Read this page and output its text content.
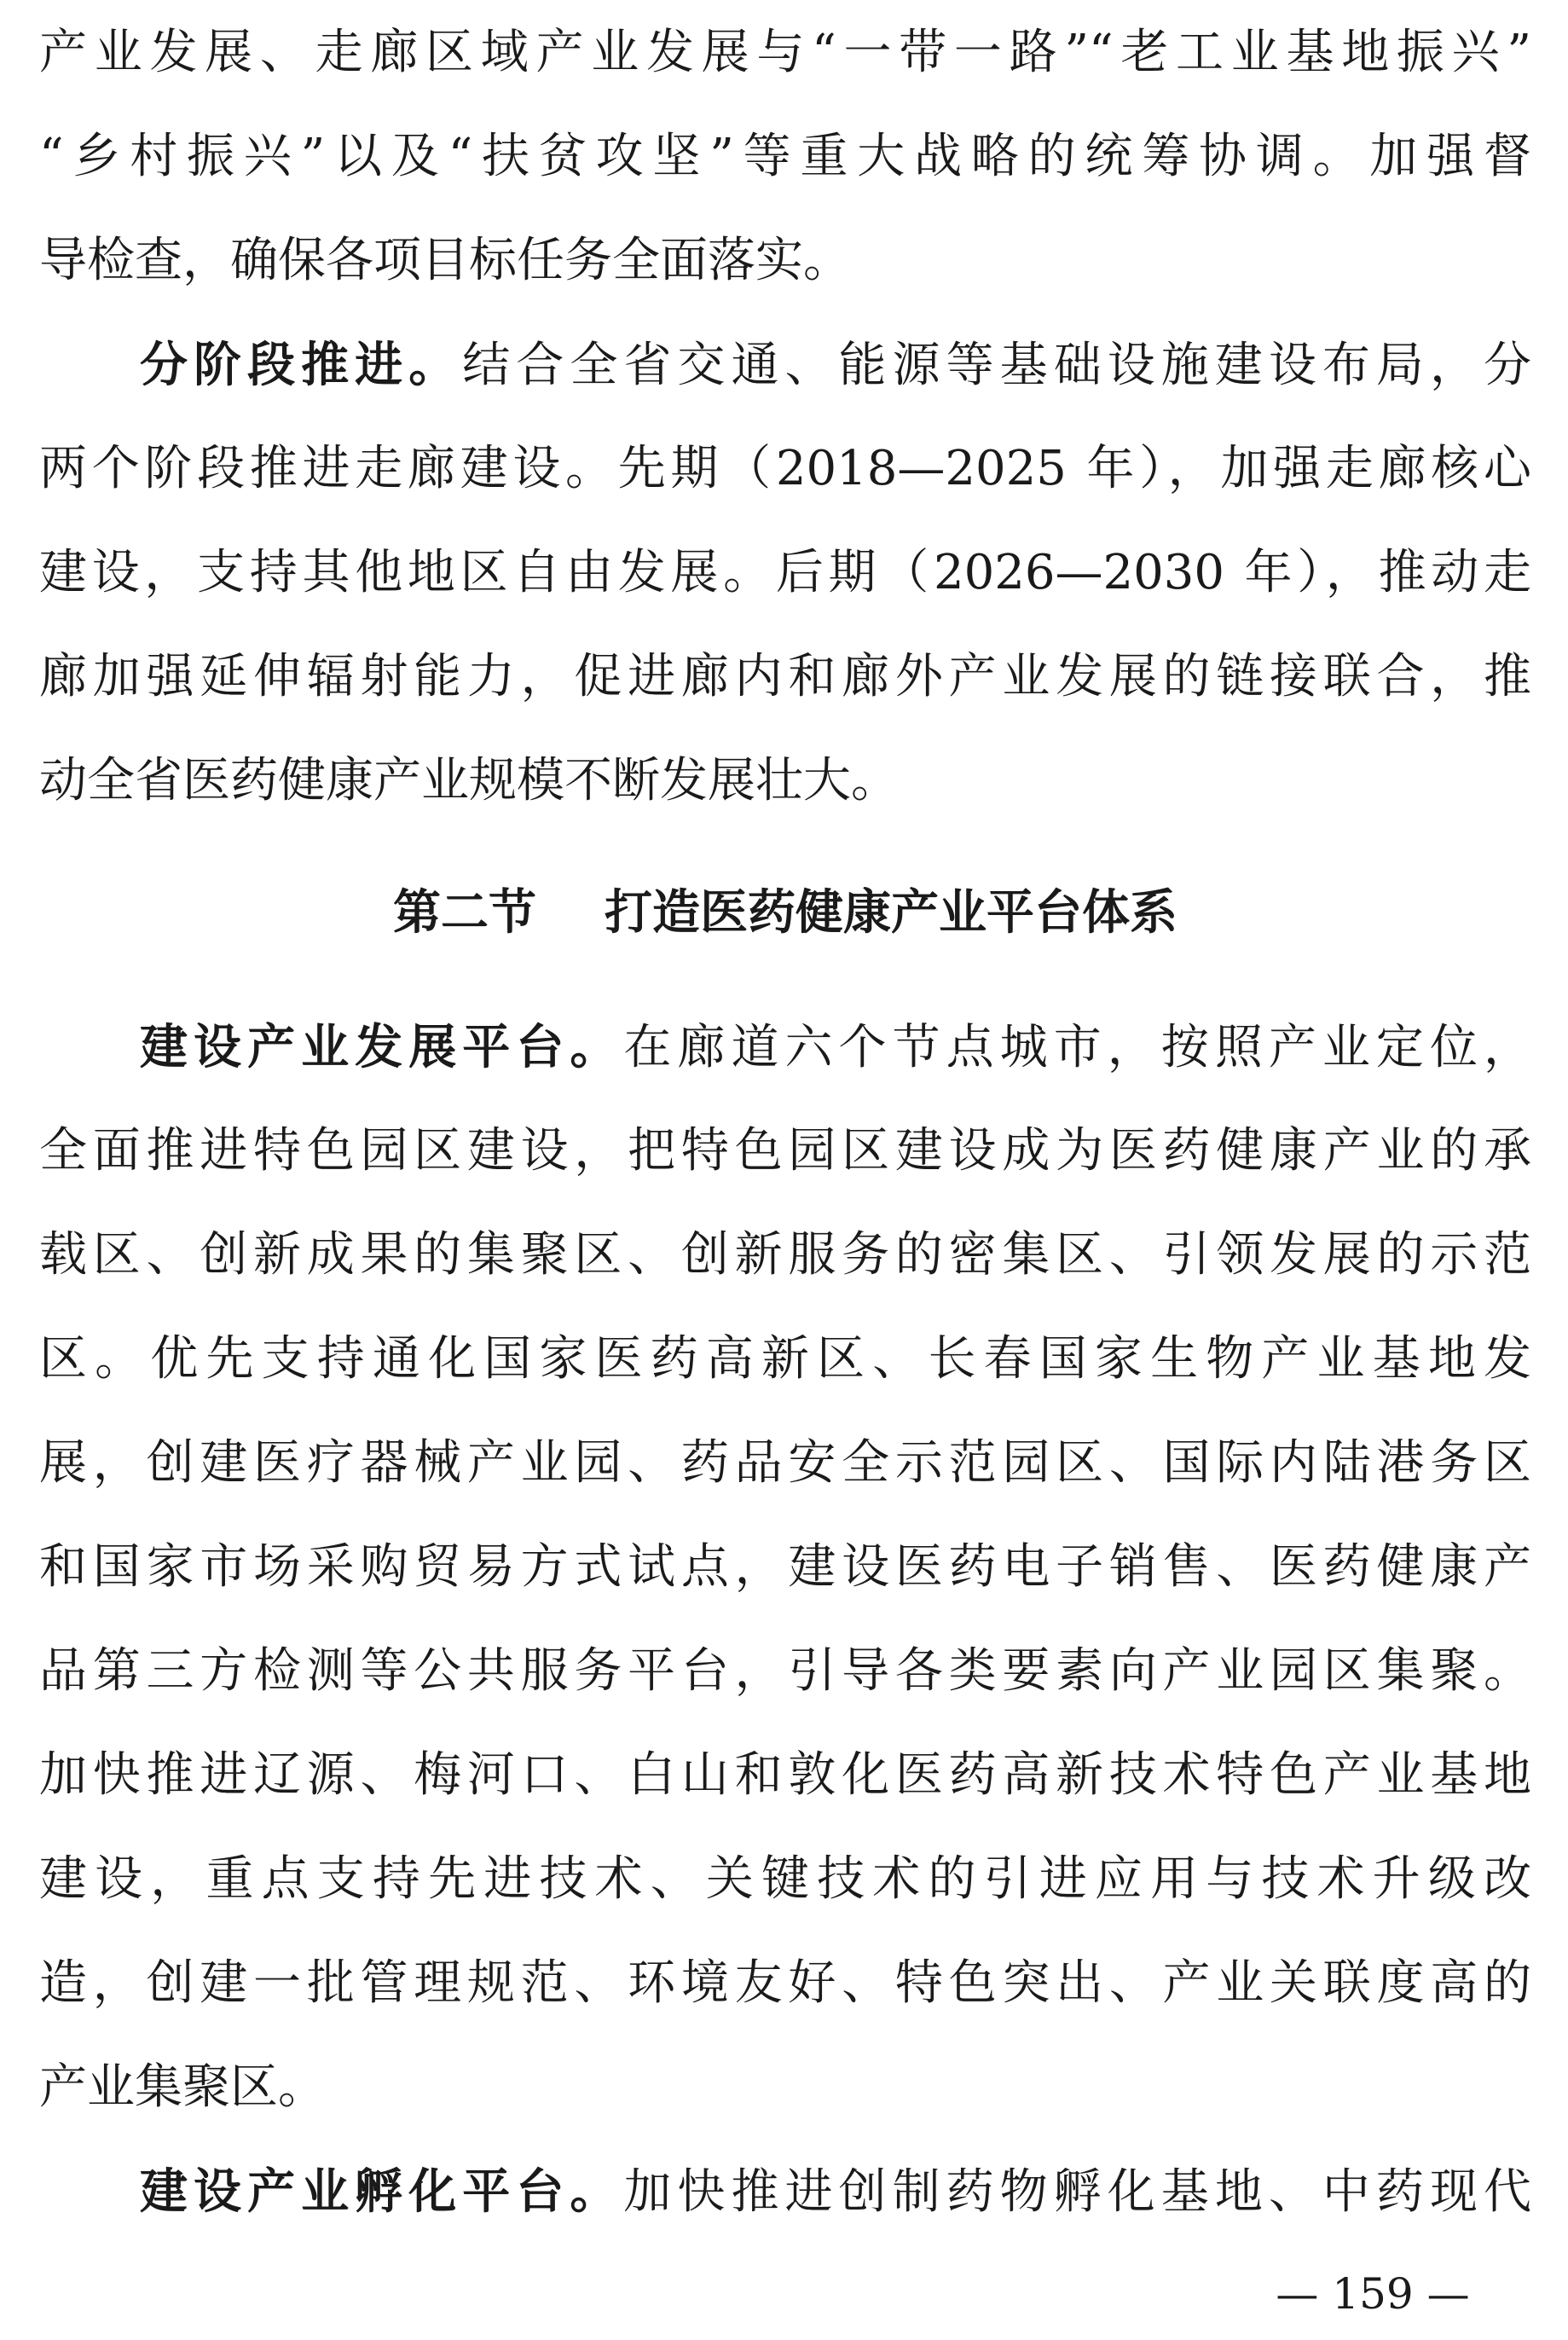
产业发展、走廊区域产业发展与“一带一路”“老工业基地振兴”
“乡村振兴”以及“扶贫攻坚”等重大战略的统筹协调。加强督
导检查，确保各项目标任务全面落实。
分阶段推进。结合全省交通、能源等基础设施建设布局，分
两个阶段推进走廊建设。先期（2018—2025 年），加强走廊核心
建设，支持其他地区自由发展。后期（2026—2030 年），推动走
廊加强延伸辐射能力，促进廊内和廊外产业发展的链接联合，推
动全省医药健康产业规模不断发展壮大。
第二节 打造医药健康产业平台体系
建设产业发展平台。在廊道六个节点城市，按照产业定位，
全面推进特色园区建设，把特色园区建设成为医药健康产业的承
载区、创新成果的集聚区、创新服务的密集区、引领发展的示范
区。优先支持通化国家医药高新区、长春国家生物产业基地发
展，创建医疗器械产业园、药品安全示范园区、国际内陆港务区
和国家市场采购贸易方式试点，建设医药电子销售、医药健康产
品第三方检测等公共服务平台，引导各类要素向产业园区集聚。
加快推进辽源、梅河口、白山和敦化医药高新技术特色产业基地
建设，重点支持先进技术、关键技术的引进应用与技术升级改
造，创建一批管理规范、环境友好、特色突出、产业关联度高的
产业集聚区。
建设产业孵化平台。加快推进创制药物孵化基地、中药现代
— 159 —
